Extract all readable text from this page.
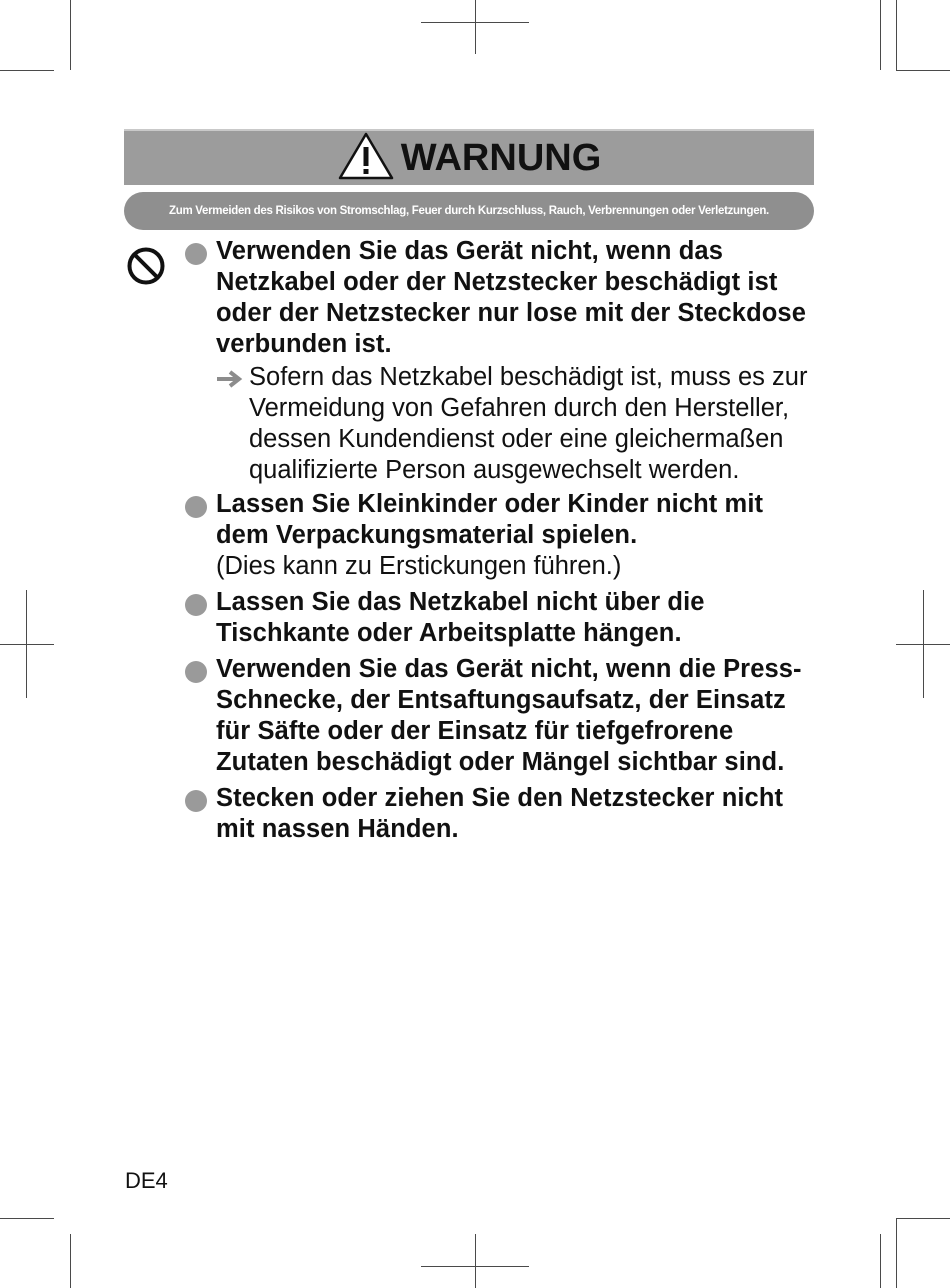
WARNUNG
Zum Vermeiden des Risikos von Stromschlag, Feuer durch Kurzschluss, Rauch, Verbrennungen oder Verletzungen.
Verwenden Sie das Gerät nicht, wenn das Netzkabel oder der Netzstecker beschädigt ist oder der Netzstecker nur lose mit der Steckdose verbunden ist.
Sofern das Netzkabel beschädigt ist, muss es zur Vermeidung von Gefahren durch den Hersteller, dessen Kundendienst oder eine gleichermaßen qualifizierte Person ausgewechselt werden.
Lassen Sie Kleinkinder oder Kinder nicht mit dem Verpackungsmaterial spielen.
(Dies kann zu Erstickungen führen.)
Lassen Sie das Netzkabel nicht über die Tischkante oder Arbeitsplatte hängen.
Verwenden Sie das Gerät nicht, wenn die Press-Schnecke, der Entsaftungsaufsatz, der Einsatz für Säfte oder der Einsatz für tiefgefrorene Zutaten beschädigt oder Mängel sichtbar sind.
Stecken oder ziehen Sie den Netzstecker nicht mit nassen Händen.
DE4
